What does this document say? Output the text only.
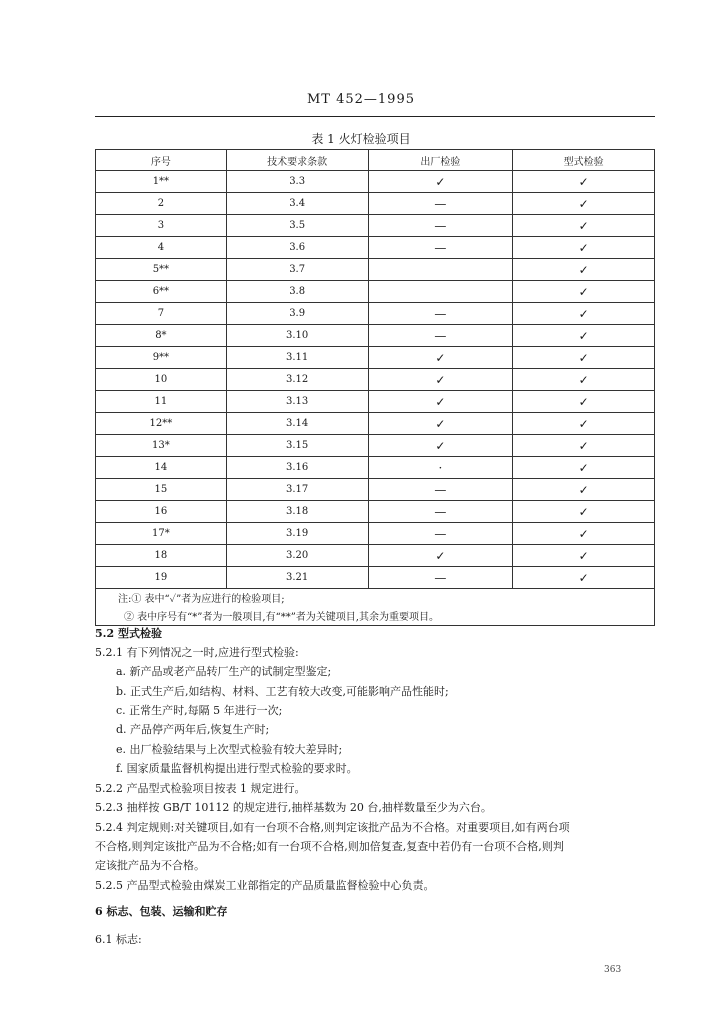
MT 452—1995
表 1 火灯检验项目
序号	技术要求条款	出厂检验	型式检验
1**	3.3	✓	✓
2	3.4	—	✓
3	3.5	—	✓
4	3.6	—	✓
5**	3.7		✓
6**	3.8		✓
7	3.9	—	✓
8*	3.10	—	✓
9**	3.11	✓	✓
10	3.12	✓	✓
11	3.13	✓	✓
12**	3.14	✓	✓
13*	3.15	✓	✓
14	3.16	·	✓
15	3.17	—	✓
16	3.18	—	✓
17*	3.19	—	✓
18	3.20	✓	✓
19	3.21	—	✓
注:① 表中“✓”者为应进行的检验项目;			
② 表中序号有“*”者为一般项目,有“**”者为关键项目,其余为重要项目。			
5.2 型式检验
5.2.1 有下列情况之一时,应进行型式检验:
a. 新产品或老产品转厂生产的试制定型鉴定;
b. 正式生产后,如结构、材料、工艺有较大改变,可能影响产品性能时;
c. 正常生产时,每隔 5 年进行一次;
d. 产品停产两年后,恢复生产时;
e. 出厂检验结果与上次型式检验有较大差异时;
f. 国家质量监督机构提出进行型式检验的要求时。
5.2.2 产品型式检验项目按表 1 规定进行。
5.2.3 抽样按 GB/T 10112 的规定进行,抽样基数为 20 台,抽样数量至少为六台。
5.2.4 判定规则:对关键项目,如有一台项不合格,则判定该批产品为不合格。对重要项目,如有两台项
不合格,则判定该批产品为不合格;如有一台项不合格,则加倍复查,复查中若仍有一台项不合格,则判
定该批产品为不合格。
5.2.5 产品型式检验由煤炭工业部指定的产品质量监督检验中心负责。
6 标志、包装、运输和贮存
6.1 标志:
363
